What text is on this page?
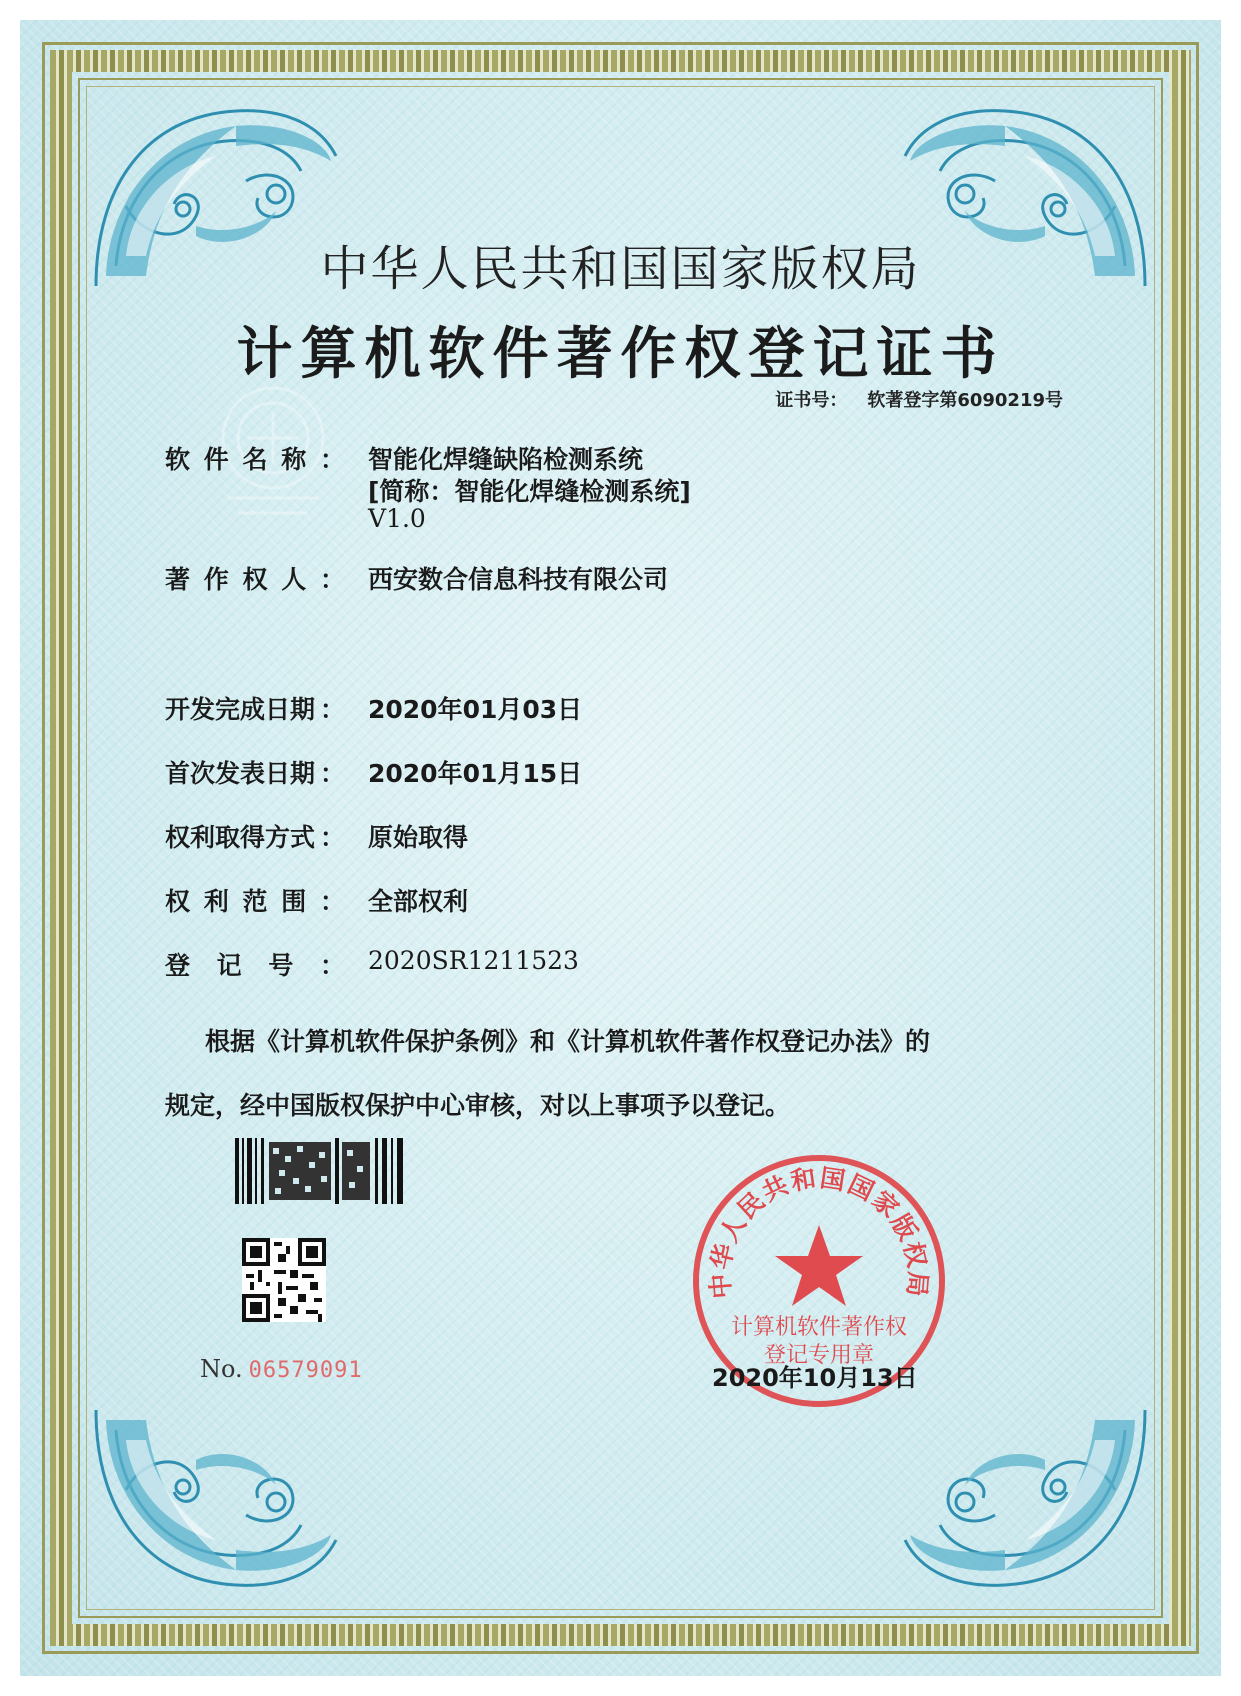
中华人民共和国国家版权局
计算机软件著作权登记证书
证书号： 软著登字第6090219号
软 件 名 称 ： 智能化焊缝缺陷检测系统
[简称：智能化焊缝检测系统]
V1.0
著 作 权 人 ： 西安数合信息科技有限公司
开发完成日期 ： 2020年01月03日
首次发表日期 ： 2020年01月15日
权利取得方式 ： 原始取得
权 利 范 围 ： 全部权利
登 记 号 ： 2020SR1211523
根据《计算机软件保护条例》和《计算机软件著作权登记办法》的
规定，经中国版权保护中心审核，对以上事项予以登记。
No. 06579091
中华人民共和国国家版权局
计算机软件著作权
登记专用章
2020年10月13日
